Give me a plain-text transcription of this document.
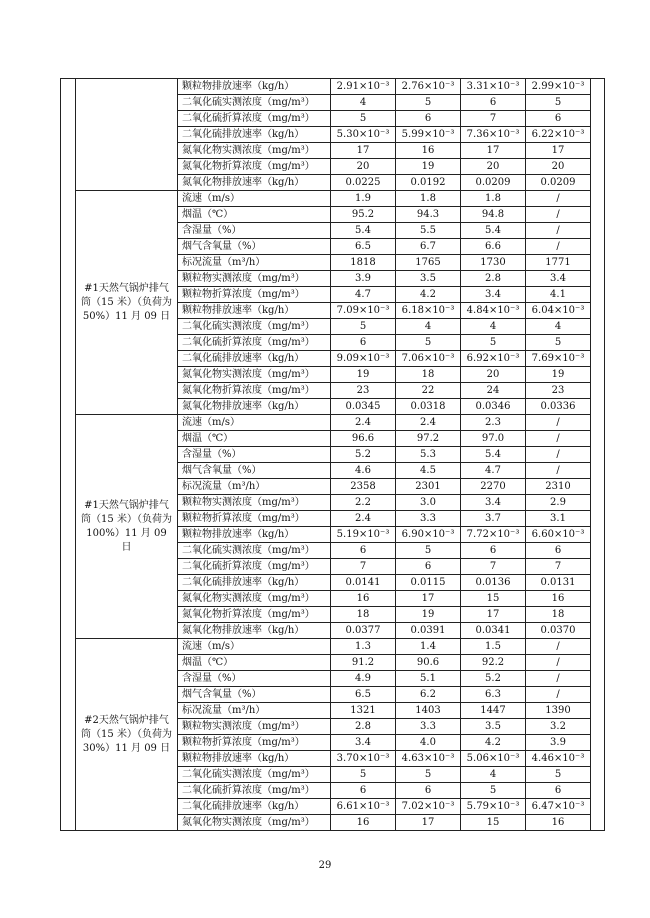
		颗粒物排放速率（kg/h）	2.91×10⁻³	2.76×10⁻³	3.31×10⁻³	2.99×10⁻³	
		二氧化硫实测浓度（mg/m³）	4	5	6	5	
		二氧化硫折算浓度（mg/m³）	5	6	7	6	
		二氧化硫排放速率（kg/h）	5.30×10⁻³	5.99×10⁻³	7.36×10⁻³	6.22×10⁻³	
		氮氧化物实测浓度（mg/m³）	17	16	17	17	
		氮氧化物折算浓度（mg/m³）	20	19	20	20	
		氮氧化物排放速率（kg/h）	0.0225	0.0192	0.0209	0.0209	
	#1天然气锅炉排气筒（15 米）（负荷为50%）11 月 09 日	流速（m/s）	1.9	1.8	1.8	/	
		烟温（℃）	95.2	94.3	94.8	/	
		含湿量（%）	5.4	5.5	5.4	/	
		烟气含氧量（%）	6.5	6.7	6.6	/	
		标况流量（m³/h）	1818	1765	1730	1771	
		颗粒物实测浓度（mg/m³）	3.9	3.5	2.8	3.4	
		颗粒物折算浓度（mg/m³）	4.7	4.2	3.4	4.1	
		颗粒物排放速率（kg/h）	7.09×10⁻³	6.18×10⁻³	4.84×10⁻³	6.04×10⁻³	
		二氧化硫实测浓度（mg/m³）	5	4	4	4	
		二氧化硫折算浓度（mg/m³）	6	5	5	5	
		二氧化硫排放速率（kg/h）	9.09×10⁻³	7.06×10⁻³	6.92×10⁻³	7.69×10⁻³	
		氮氧化物实测浓度（mg/m³）	19	18	20	19	
		氮氧化物折算浓度（mg/m³）	23	22	24	23	
		氮氧化物排放速率（kg/h）	0.0345	0.0318	0.0346	0.0336	
	#1天然气锅炉排气筒（15 米）（负荷为 100%）11 月 09 日	流速（m/s）	2.4	2.4	2.3	/	
		烟温（℃）	96.6	97.2	97.0	/	
		含湿量（%）	5.2	5.3	5.4	/	
		烟气含氧量（%）	4.6	4.5	4.7	/	
		标况流量（m³/h）	2358	2301	2270	2310	
		颗粒物实测浓度（mg/m³）	2.2	3.0	3.4	2.9	
		颗粒物折算浓度（mg/m³）	2.4	3.3	3.7	3.1	
		颗粒物排放速率（kg/h）	5.19×10⁻³	6.90×10⁻³	7.72×10⁻³	6.60×10⁻³	
		二氧化硫实测浓度（mg/m³）	6	5	6	6	
		二氧化硫折算浓度（mg/m³）	7	6	7	7	
		二氧化硫排放速率（kg/h）	0.0141	0.0115	0.0136	0.0131	
		氮氧化物实测浓度（mg/m³）	16	17	15	16	
		氮氧化物折算浓度（mg/m³）	18	19	17	18	
		氮氧化物排放速率（kg/h）	0.0377	0.0391	0.0341	0.0370	
	#2天然气锅炉排气筒（15 米）（负荷为30%）11 月 09 日	流速（m/s）	1.3	1.4	1.5	/	
		烟温（℃）	91.2	90.6	92.2	/	
		含湿量（%）	4.9	5.1	5.2	/	
		烟气含氧量（%）	6.5	6.2	6.3	/	
		标况流量（m³/h）	1321	1403	1447	1390	
		颗粒物实测浓度（mg/m³）	2.8	3.3	3.5	3.2	
		颗粒物折算浓度（mg/m³）	3.4	4.0	4.2	3.9	
		颗粒物排放速率（kg/h）	3.70×10⁻³	4.63×10⁻³	5.06×10⁻³	4.46×10⁻³	
		二氧化硫实测浓度（mg/m³）	5	5	4	5	
		二氧化硫折算浓度（mg/m³）	6	6	5	6	
		二氧化硫排放速率（kg/h）	6.61×10⁻³	7.02×10⁻³	5.79×10⁻³	6.47×10⁻³	
		氮氧化物实测浓度（mg/m³）	16	17	15	16	
29
